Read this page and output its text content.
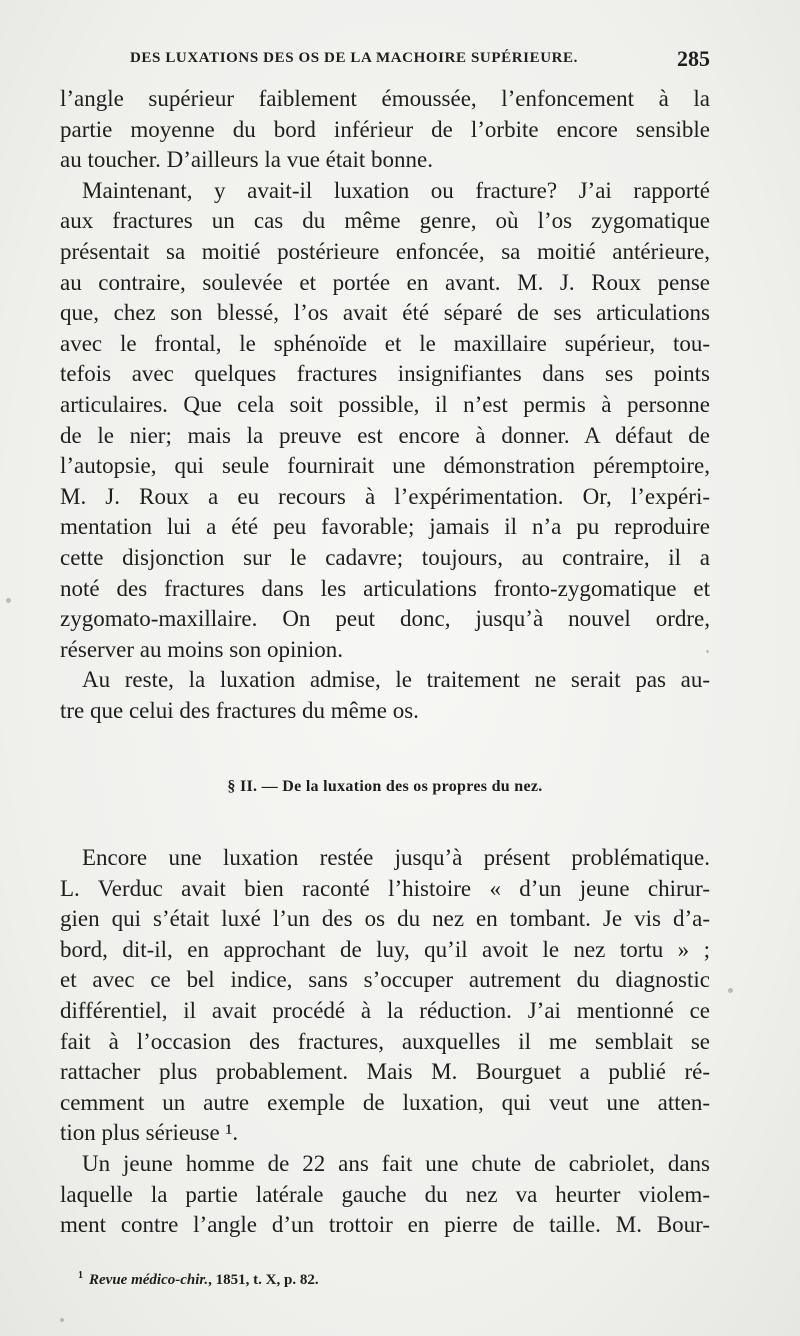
DES LUXATIONS DES OS DE LA MACHOIRE SUPÉRIEURE.	285
l’angle supérieur faiblement émoussée, l’enfoncement à la
partie moyenne du bord inférieur de l’orbite encore sensible
au toucher. D’ailleurs la vue était bonne.
Maintenant, y avait-il luxation ou fracture? J’ai rapporté
aux fractures un cas du même genre, où l’os zygomatique
présentait sa moitié postérieure enfoncée, sa moitié antérieure,
au contraire, soulevée et portée en avant. M. J. Roux pense
que, chez son blessé, l’os avait été séparé de ses articulations
avec le frontal, le sphénoïde et le maxillaire supérieur, tou-
tefois avec quelques fractures insignifiantes dans ses points
articulaires. Que cela soit possible, il n’est permis à personne
de le nier; mais la preuve est encore à donner. A défaut de
l’autopsie, qui seule fournirait une démonstration péremptoire,
M. J. Roux a eu recours à l’expérimentation. Or, l’expéri-
mentation lui a été peu favorable; jamais il n’a pu reproduire
cette disjonction sur le cadavre; toujours, au contraire, il a
noté des fractures dans les articulations fronto-zygomatique et
zygomato-maxillaire. On peut donc, jusqu’à nouvel ordre,
réserver au moins son opinion.
Au reste, la luxation admise, le traitement ne serait pas au-
tre que celui des fractures du même os.
§ II. — De la luxation des os propres du nez.
Encore une luxation restée jusqu’à présent problématique.
L. Verduc avait bien raconté l’histoire « d’un jeune chirur-
gien qui s’était luxé l’un des os du nez en tombant. Je vis d’a-
bord, dit-il, en approchant de luy, qu’il avoit le nez tortu » ;
et avec ce bel indice, sans s’occuper autrement du diagnostic
différentiel, il avait procédé à la réduction. J’ai mentionné ce
fait à l’occasion des fractures, auxquelles il me semblait se
rattacher plus probablement. Mais M. Bourguet a publié ré-
cemment un autre exemple de luxation, qui veut une atten-
tion plus sérieuse ¹.
Un jeune homme de 22 ans fait une chute de cabriolet, dans
laquelle la partie latérale gauche du nez va heurter violem-
ment contre l’angle d’un trottoir en pierre de taille. M. Bour-
$^1$ Revue médico-chir., 1851, t. X, p. 82.
